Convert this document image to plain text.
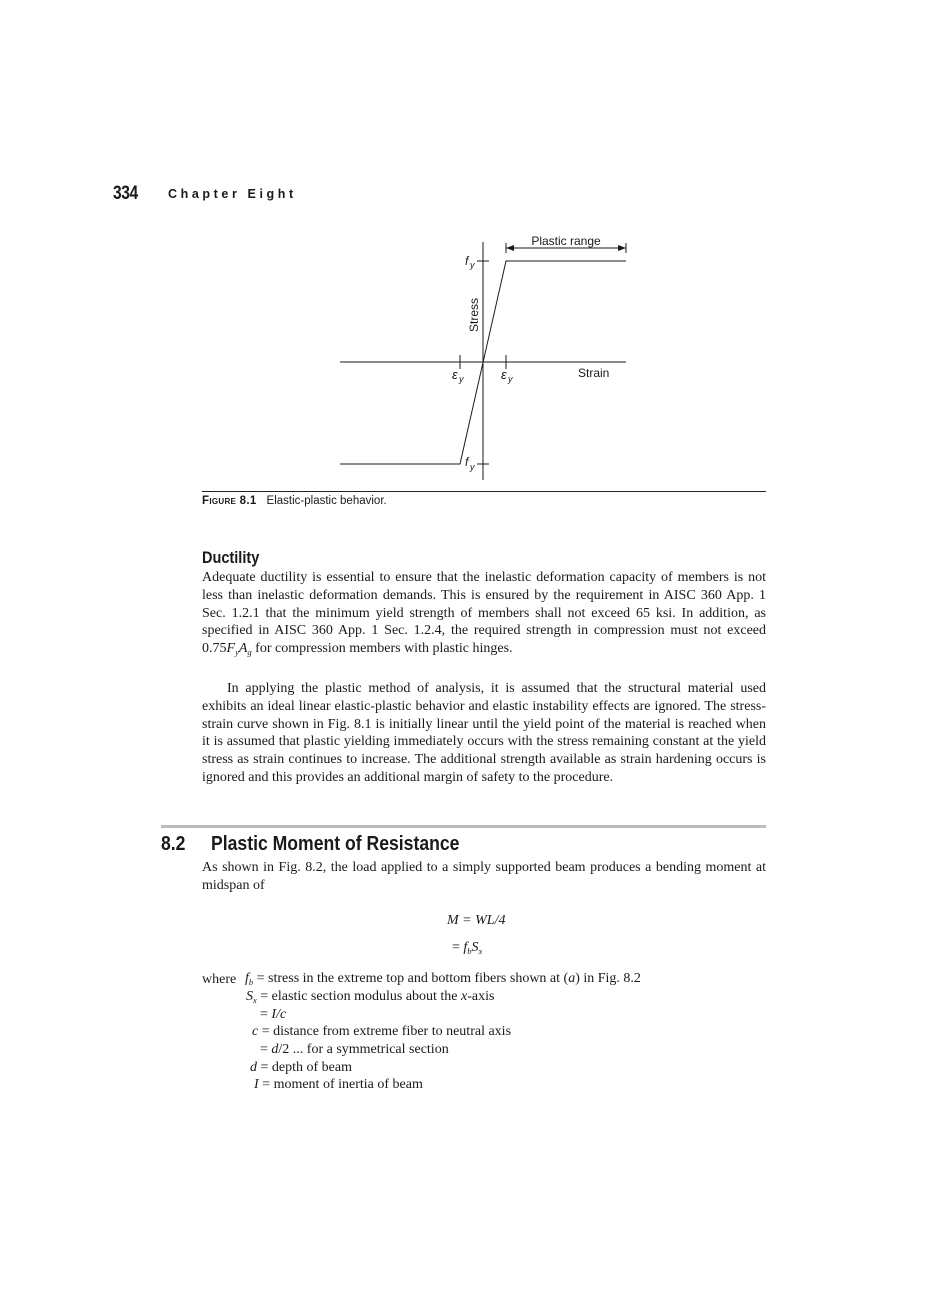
334 Chapter Eight
Plastic range
f y
Stress
Strain
ε y	ε y
f y
Figure 8.1 Elastic-plastic behavior.
Ductility

Adequate ductility is essential to ensure that the inelastic deformation capacity of members is not less than inelastic deformation demands. This is ensured by the requirement in AISC 360 App. 1 Sec. 1.2.1 that the minimum yield strength of members shall not exceed 65 ksi. In addition, as specified in AISC 360 App. 1 Sec. 1.2.4, the required strength in compression must not exceed $0.75F_yA_g$ for compression members with plastic hinges.

In applying the plastic method of analysis, it is assumed that the structural material used exhibits an ideal linear elastic-plastic behavior and elastic instability effects are ignored. The stress-strain curve shown in Fig. 8.1 is initially linear until the yield point of the material is reached when it is assumed that plastic yielding immediately occurs with the stress remaining constant at the yield stress as strain continues to increase. The additional strength available as strain hardening occurs is ignored and this provides an additional margin of safety to the procedure.

8.2 Plastic Moment of Resistance

As shown in Fig. 8.2, the load applied to a simply supported beam produces a bending moment at midspan of

M = WL/4
= $f_bS_x$
where $f_b$ = stress in the extreme top and bottom fibers shown at (a) in Fig. 8.2
$S_x$ = elastic section modulus about the x-axis
= I/c
c = distance from extreme fiber to neutral axis
= d/2 ... for a symmetrical section
d = depth of beam
I = moment of inertia of beam
